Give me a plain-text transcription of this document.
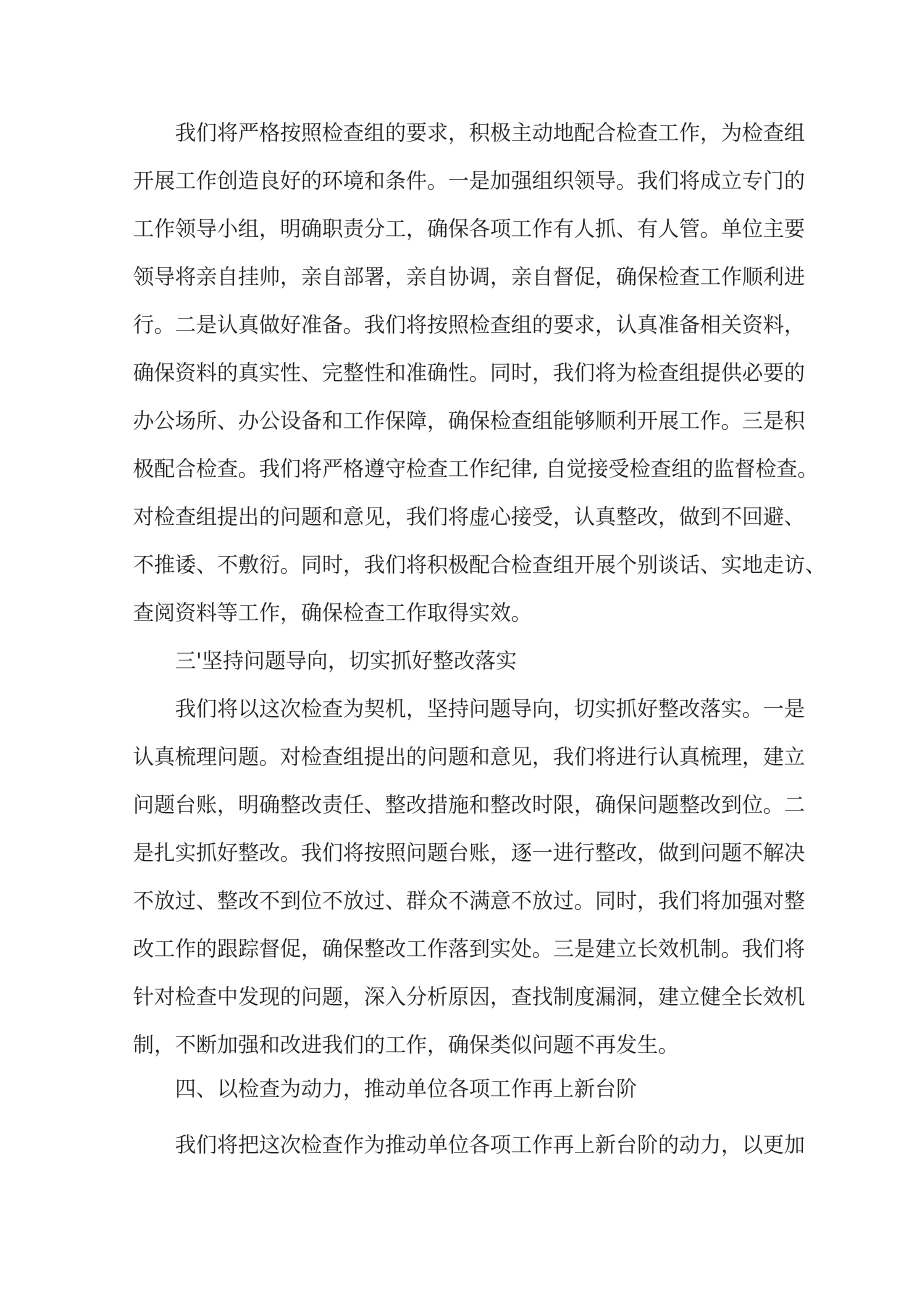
我们将严格按照检查组的要求，积极主动地配合检查工作，为检查组

开展工作创造良好的环境和条件。一是加强组织领导。我们将成立专门的

工作领导小组，明确职责分工，确保各项工作有人抓、有人管。单位主要

领导将亲自挂帅，亲自部署，亲自协调，亲自督促，确保检查工作顺利进

行。二是认真做好准备。我们将按照检查组的要求，认真准备相关资料，

确保资料的真实性、完整性和准确性。同时，我们将为检查组提供必要的

办公场所、办公设备和工作保障，确保检查组能够顺利开展工作。三是积

极配合检查。我们将严格遵守检查工作纪律, 自觉接受检查组的监督检查。

对检查组提出的问题和意见，我们将虚心接受，认真整改，做到不回避、

不推诿、不敷衍。同时，我们将积极配合检查组开展个别谈话、实地走访、

查阅资料等工作，确保检查工作取得实效。

三'坚持问题导向，切实抓好整改落实

我们将以这次检查为契机，坚持问题导向，切实抓好整改落实。一是

认真梳理问题。对检查组提出的问题和意见，我们将进行认真梳理，建立

问题台账，明确整改责任、整改措施和整改时限，确保问题整改到位。二

是扎实抓好整改。我们将按照问题台账，逐一进行整改，做到问题不解决

不放过、整改不到位不放过、群众不满意不放过。同时，我们将加强对整

改工作的跟踪督促，确保整改工作落到实处。三是建立长效机制。我们将

针对检查中发现的问题，深入分析原因，查找制度漏洞，建立健全长效机

制，不断加强和改进我们的工作，确保类似问题不再发生。

四、以检查为动力，推动单位各项工作再上新台阶

我们将把这次检查作为推动单位各项工作再上新台阶的动力，以更加
